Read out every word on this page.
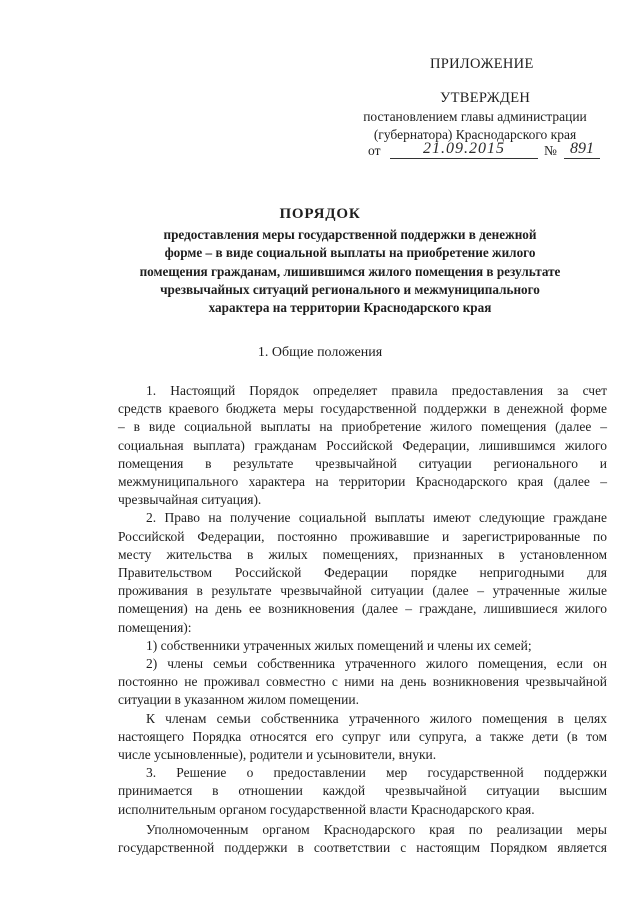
ПРИЛОЖЕНИЕ
УТВЕРЖДЕН
постановлением главы администрации
(губернатора) Краснодарского края
от	21.09.2015	№ 891
ПОРЯДОК
предоставления меры государственной поддержки в денежной
форме – в виде социальной выплаты на приобретение жилого
помещения гражданам, лишившимся жилого помещения в результате
чрезвычайных ситуаций регионального и межмуниципального
характера на территории Краснодарского края
1. Общие положения
1. Настоящий Порядок определяет правила предоставления за счет
средств краевого бюджета меры государственной поддержки в денежной форме
– в виде социальной выплаты на приобретение жилого помещения (далее –
социальная выплата) гражданам Российской Федерации, лишившимся жилого
помещения в результате чрезвычайной ситуации регионального и
межмуниципального характера на территории Краснодарского края (далее –
чрезвычайная ситуация).
2. Право на получение социальной выплаты имеют следующие граждане
Российской Федерации, постоянно проживавшие и зарегистрированные по
месту жительства в жилых помещениях, признанных в установленном
Правительством Российской Федерации порядке непригодными для
проживания в результате чрезвычайной ситуации (далее – утраченные жилые
помещения) на день ее возникновения (далее – граждане, лишившиеся жилого
помещения):
1) собственники утраченных жилых помещений и члены их семей;
2) члены семьи собственника утраченного жилого помещения, если он
постоянно не проживал совместно с ними на день возникновения чрезвычайной
ситуации в указанном жилом помещении.
К членам семьи собственника утраченного жилого помещения в целях
настоящего Порядка относятся его супруг или супруга, а также дети (в том
числе усыновленные), родители и усыновители, внуки.
3. Решение о предоставлении мер государственной поддержки
принимается в отношении каждой чрезвычайной ситуации высшим
исполнительным органом государственной власти Краснодарского края.
Уполномоченным органом Краснодарского края по реализации меры
государственной поддержки в соответствии с настоящим Порядком является
